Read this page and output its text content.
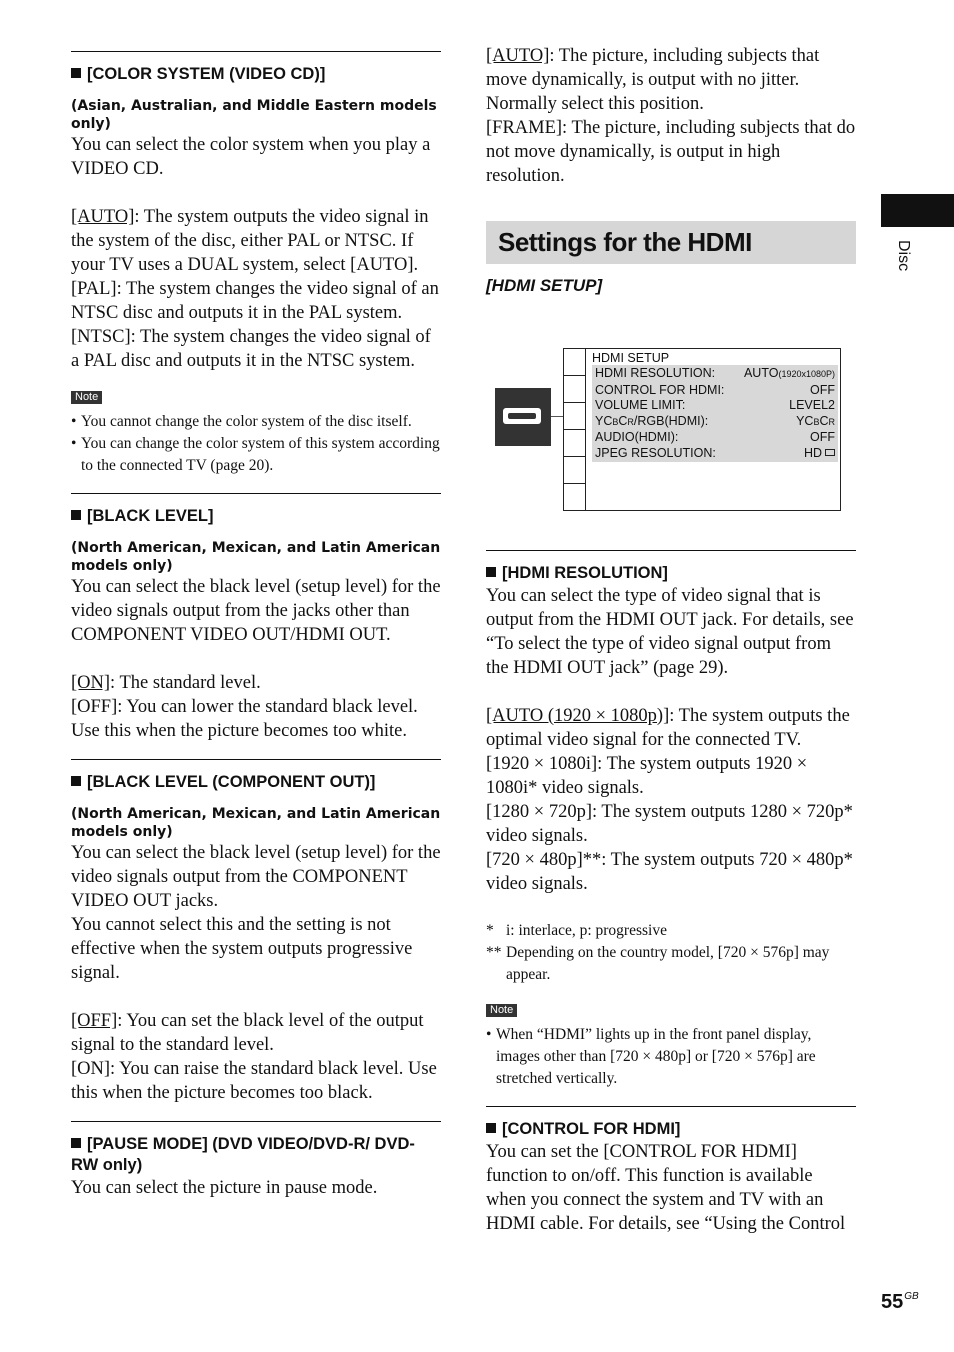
[COLOR SYSTEM (VIDEO CD)]
(Asian, Australian, and Middle Eastern models only)

You can select the color system when you play a VIDEO CD.

[AUTO]: The system outputs the video signal in the system of the disc, either PAL or NTSC. If your TV uses a DUAL system, select [AUTO].

[PAL]: The system changes the video signal of an NTSC disc and outputs it in the PAL system.

[NTSC]: The system changes the video signal of a PAL disc and outputs it in the NTSC system.

Note
• You cannot change the color system of the disc itself.
• You can change the color system of this system according to the connected TV (page 20).
[BLACK LEVEL]
(North American, Mexican, and Latin American models only)

You can select the black level (setup level) for the video signals output from the jacks other than COMPONENT VIDEO OUT/HDMI OUT.

[ON]: The standard level.

[OFF]: You can lower the standard black level. Use this when the picture becomes too white.

[BLACK LEVEL (COMPONENT OUT)]
(North American, Mexican, and Latin American models only)

You can select the black level (setup level) for the video signals output from the COMPONENT VIDEO OUT jacks.

You cannot select this and the setting is not effective when the system outputs progressive signal.

[OFF]: You can set the black level of the output signal to the standard level.

[ON]: You can raise the standard black level. Use this when the picture becomes too black.

[PAUSE MODE] (DVD VIDEO/DVD-R/ DVD-RW only)

You can select the picture in pause mode.

[AUTO]: The picture, including subjects that move dynamically, is output with no jitter. Normally select this position.

[FRAME]: The picture, including subjects that do not move dynamically, is output in high resolution.

Settings for the HDMI
[HDMI SETUP]
HDMI SETUP
HDMI RESOLUTION: AUTO(1920x1080P)
CONTROL FOR HDMI:	OFF
VOLUME LIMIT:	LEVEL2
YCBCR/RGB(HDMI):	YCBCR
AUDIO(HDMI):	OFF
JPEG RESOLUTION:	HD
[HDMI RESOLUTION]

You can select the type of video signal that is output from the HDMI OUT jack. For details, see “To select the type of video signal output from the HDMI OUT jack” (page 29).

[AUTO (1920 × 1080p)]: The system outputs the optimal video signal for the connected TV.

[1920 × 1080i]: The system outputs 1920 × 1080i* video signals.

[1280 × 720p]: The system outputs 1280 × 720p* video signals.

[720 × 480p]**: The system outputs 720 × 480p* video signals.

* i: interlace, p: progressive
** Depending on the country model, [720 × 576p] may appear.
Note
• When “HDMI” lights up in the front panel display, images other than [720 × 480p] or [720 × 576p] are stretched vertically.
[CONTROL FOR HDMI]

You can set the [CONTROL FOR HDMI] function to on/off. This function is available when you connect the system and TV with an HDMI cable. For details, see “Using the Control

Disc
$55^{GB}$
